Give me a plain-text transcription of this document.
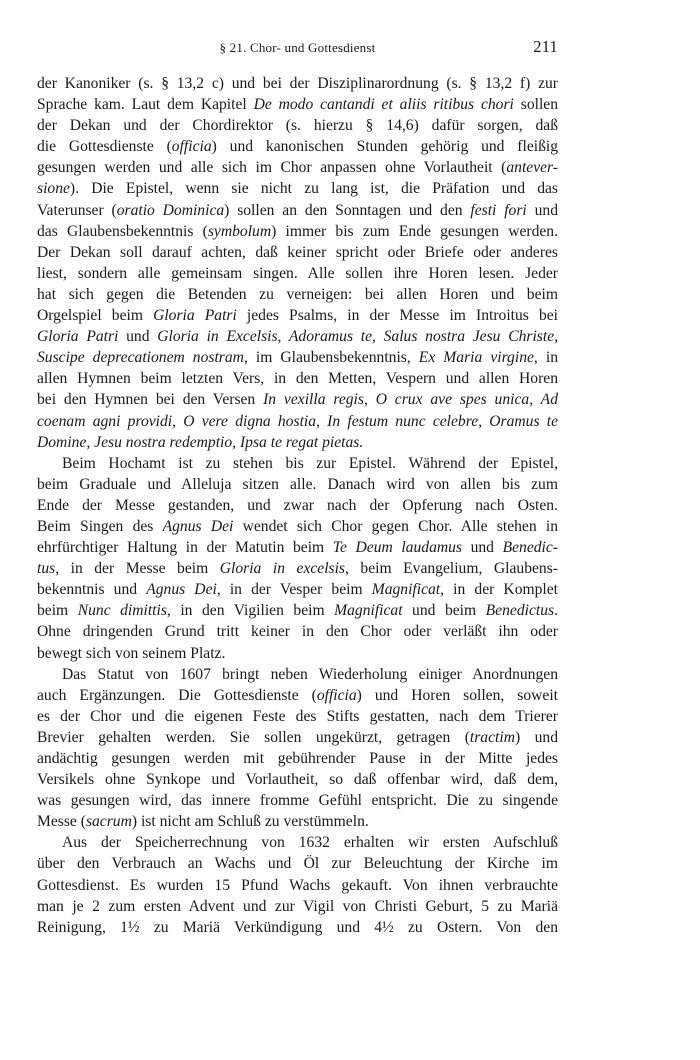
§ 21. Chor- und Gottesdienst	211
der Kanoniker (s. § 13,2 c) und bei der Disziplinarordnung (s. § 13,2 f) zur
Sprache kam. Laut dem Kapitel De modo cantandi et aliis ritibus chori sollen
der Dekan und der Chordirektor (s. hierzu § 14,6) dafür sorgen, daß
die Gottesdienste (officia) und kanonischen Stunden gehörig und fleißig
gesungen werden und alle sich im Chor anpassen ohne Vorlautheit (antever-
sione). Die Epistel, wenn sie nicht zu lang ist, die Präfation und das
Vaterunser (oratio Dominica) sollen an den Sonntagen und den festi fori und
das Glaubensbekenntnis (symbolum) immer bis zum Ende gesungen werden.
Der Dekan soll darauf achten, daß keiner spricht oder Briefe oder anderes
liest, sondern alle gemeinsam singen. Alle sollen ihre Horen lesen. Jeder
hat sich gegen die Betenden zu verneigen: bei allen Horen und beim
Orgelspiel beim Gloria Patri jedes Psalms, in der Messe im Introitus bei
Gloria Patri und Gloria in Excelsis, Adoramus te, Salus nostra Jesu Christe,
Suscipe deprecationem nostram, im Glaubensbekenntnis, Ex Maria virgine, in
allen Hymnen beim letzten Vers, in den Metten, Vespern und allen Horen
bei den Hymnen bei den Versen In vexilla regis, O crux ave spes unica, Ad
coenam agni providi, O vere digna hostia, In festum nunc celebre, Oramus te
Domine, Jesu nostra redemptio, Ipsa te regat pietas.
Beim Hochamt ist zu stehen bis zur Epistel. Während der Epistel,
beim Graduale und Alleluja sitzen alle. Danach wird von allen bis zum
Ende der Messe gestanden, und zwar nach der Opferung nach Osten.
Beim Singen des Agnus Dei wendet sich Chor gegen Chor. Alle stehen in
ehrfürchtiger Haltung in der Matutin beim Te Deum laudamus und Benedic-
tus, in der Messe beim Gloria in excelsis, beim Evangelium, Glaubens-
bekenntnis und Agnus Dei, in der Vesper beim Magnificat, in der Komplet
beim Nunc dimittis, in den Vigilien beim Magnificat und beim Benedictus.
Ohne dringenden Grund tritt keiner in den Chor oder verläßt ihn oder
bewegt sich von seinem Platz.
Das Statut von 1607 bringt neben Wiederholung einiger Anordnungen
auch Ergänzungen. Die Gottesdienste (officia) und Horen sollen, soweit
es der Chor und die eigenen Feste des Stifts gestatten, nach dem Trierer
Brevier gehalten werden. Sie sollen ungekürzt, getragen (tractim) und
andächtig gesungen werden mit gebührender Pause in der Mitte jedes
Versikels ohne Synkope und Vorlautheit, so daß offenbar wird, daß dem,
was gesungen wird, das innere fromme Gefühl entspricht. Die zu singende
Messe (sacrum) ist nicht am Schluß zu verstümmeln.
Aus der Speicherrechnung von 1632 erhalten wir ersten Aufschluß
über den Verbrauch an Wachs und Öl zur Beleuchtung der Kirche im
Gottesdienst. Es wurden 15 Pfund Wachs gekauft. Von ihnen verbrauchte
man je 2 zum ersten Advent und zur Vigil von Christi Geburt, 5 zu Mariä
Reinigung, 1½ zu Mariä Verkündigung und 4½ zu Ostern. Von den
